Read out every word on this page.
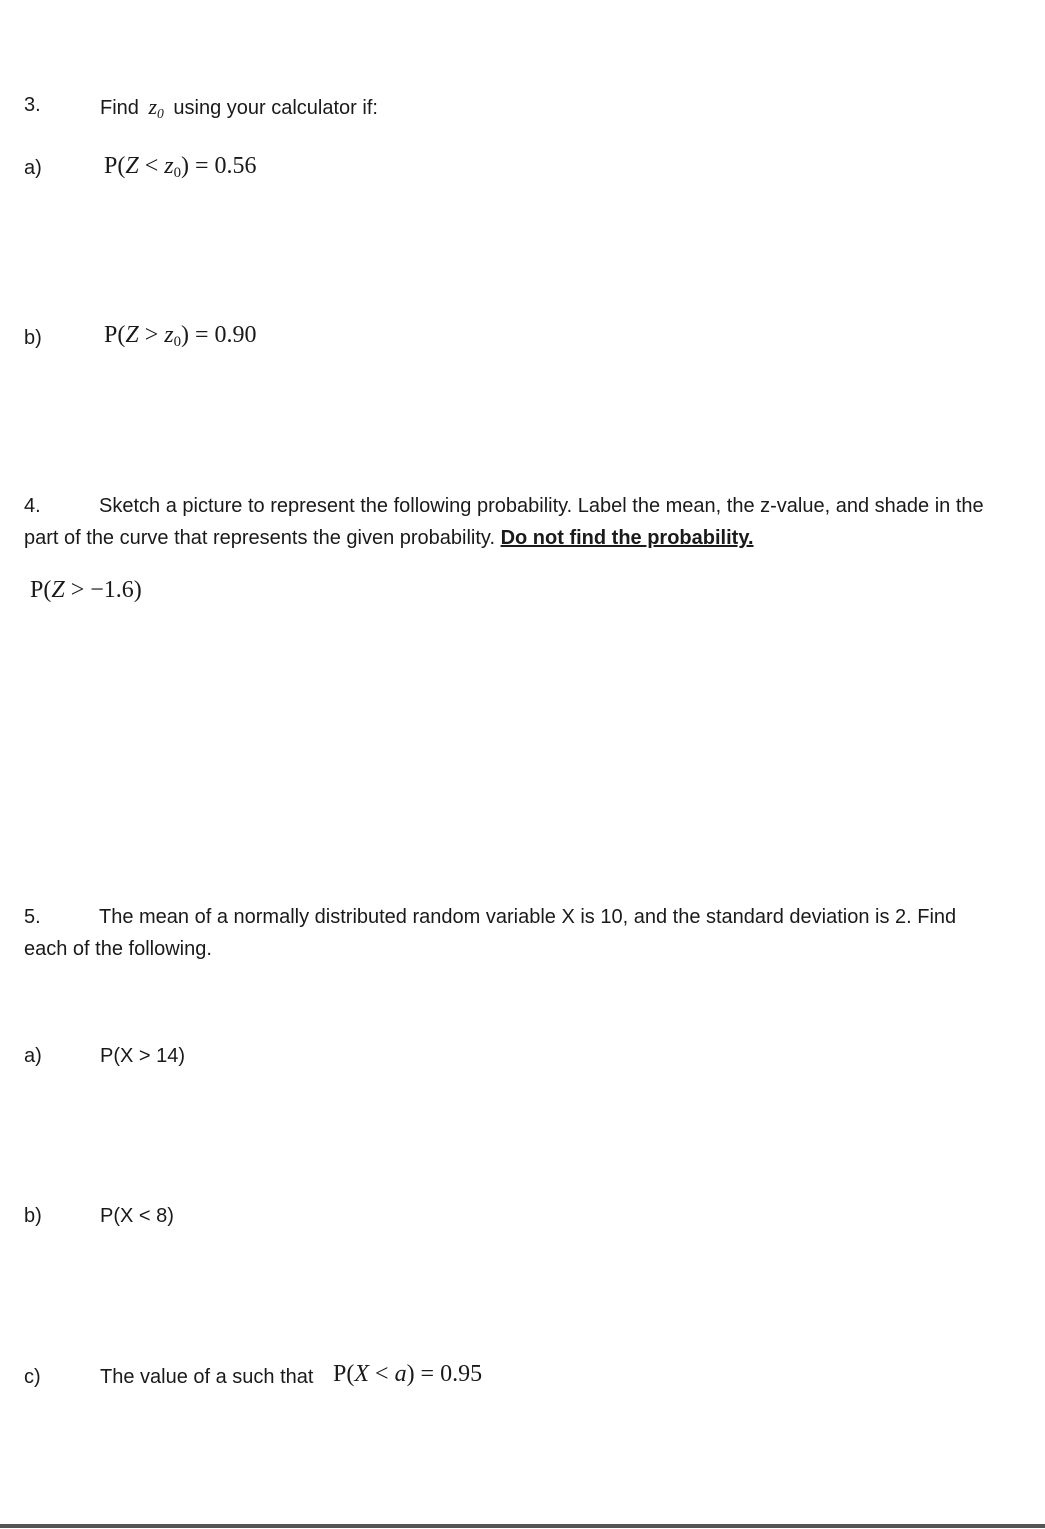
3.	Find $z_0$ using your calculator if:
a)	$P(Z < z_0) = 0.56$
b)	$P(Z > z_0) = 0.90$
4.	Sketch a picture to represent the following probability. Label the mean, the z-value, and shade in the part of the curve that represents the given probability. Do not find the probability.
P(Z > −1.6)
5.	The mean of a normally distributed random variable X is 10, and the standard deviation is 2. Find each of the following.
a)	P(X > 14)
b)	P(X < 8)
c)	The value of a such that P(X < a) = 0.95
